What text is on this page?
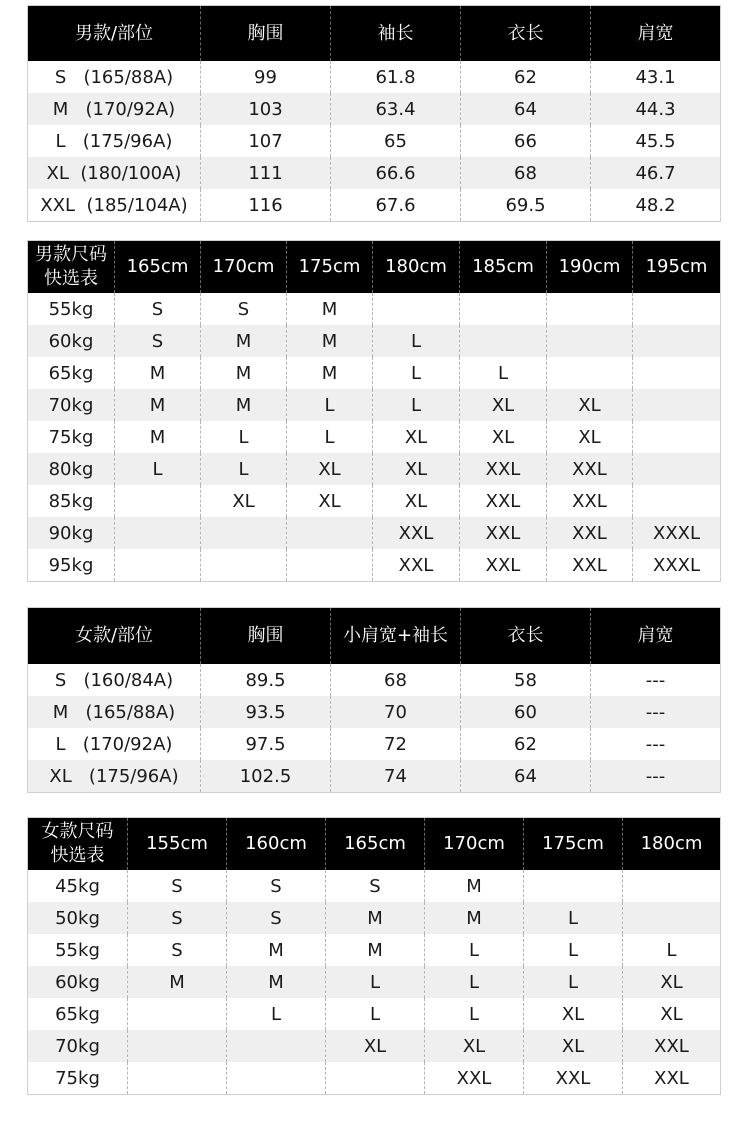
男款/部位	胸围	袖长	衣长	肩宽
S   (165/88A)	99	61.8	62	43.1
M   (170/92A)	103	63.4	64	44.3
L   (175/96A)	107	65	66	45.5
XL  (180/100A)	111	66.6	68	46.7
XXL  (185/104A)	116	67.6	69.5	48.2
男款尺码
快选表	165cm	170cm	175cm	180cm	185cm	190cm	195cm
55kg	S	S	M				
60kg	S	M	M	L			
65kg	M	M	M	L	L		
70kg	M	M	L	L	XL	XL	
75kg	M	L	L	XL	XL	XL	
80kg	L	L	XL	XL	XXL	XXL	
85kg		XL	XL	XL	XXL	XXL	
90kg				XXL	XXL	XXL	XXXL
95kg				XXL	XXL	XXL	XXXL
女款/部位	胸围	小肩宽+袖长	衣长	肩宽
S   (160/84A)	89.5	68	58	---
M   (165/88A)	93.5	70	60	---
L   (170/92A)	97.5	72	62	---
XL   (175/96A)	102.5	74	64	---
女款尺码
快选表	155cm	160cm	165cm	170cm	175cm	180cm
45kg	S	S	S	M		
50kg	S	S	M	M	L	
55kg	S	M	M	L	L	L
60kg	M	M	L	L	L	XL
65kg		L	L	L	XL	XL
70kg			XL	XL	XL	XXL
75kg				XXL	XXL	XXL
